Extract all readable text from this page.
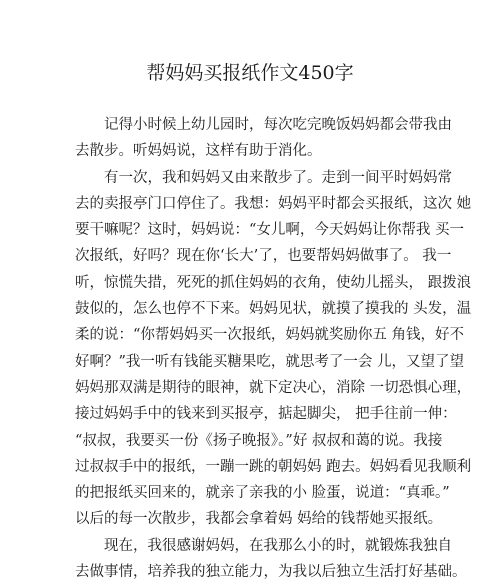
帮妈妈买报纸作文450字
记得小时候上幼儿园时，每次吃完晚饭妈妈都会带我由
去散步。听妈妈说，这样有助于消化。
有一次，我和妈妈又由来散步了。走到一间平时妈妈常
去的卖报亭门口停住了。我想：妈妈平时都会买报纸，这次 她
要干嘛呢？这时，妈妈说：“女儿啊，今天妈妈让你帮我 买一
次报纸，好吗？现在你‘长大’了，也要帮妈妈做事了。 我一
听，惊慌失措，死死的抓住妈妈的衣角，使幼儿摇头， 跟拨浪
鼓似的，怎么也停不下来。妈妈见状，就摸了摸我的 头发，温
柔的说：“你帮妈妈买一次报纸，妈妈就奖励你五 角钱，好不
好啊？”我一听有钱能买糖果吃，就思考了一会 儿，又望了望
妈妈那双满是期待的眼神，就下定决心，消除 一切恐惧心理，
接过妈妈手中的钱来到买报亭，掂起脚尖， 把手往前一伸：
“叔叔，我要买一份《扬子晚报》。”好 叔叔和蔼的说。我接
过叔叔手中的报纸，一蹦一跳的朝妈妈 跑去。妈妈看见我顺利
的把报纸买回来的，就亲了亲我的小 脸蛋，说道：“真乖。”
以后的每一次散步，我都会拿着妈 妈给的钱帮她买报纸。
现在，我很感谢妈妈，在我那么小的时，就锻炼我独自
去做事情，培养我的独立能力，为我以后独立生活打好基础。
